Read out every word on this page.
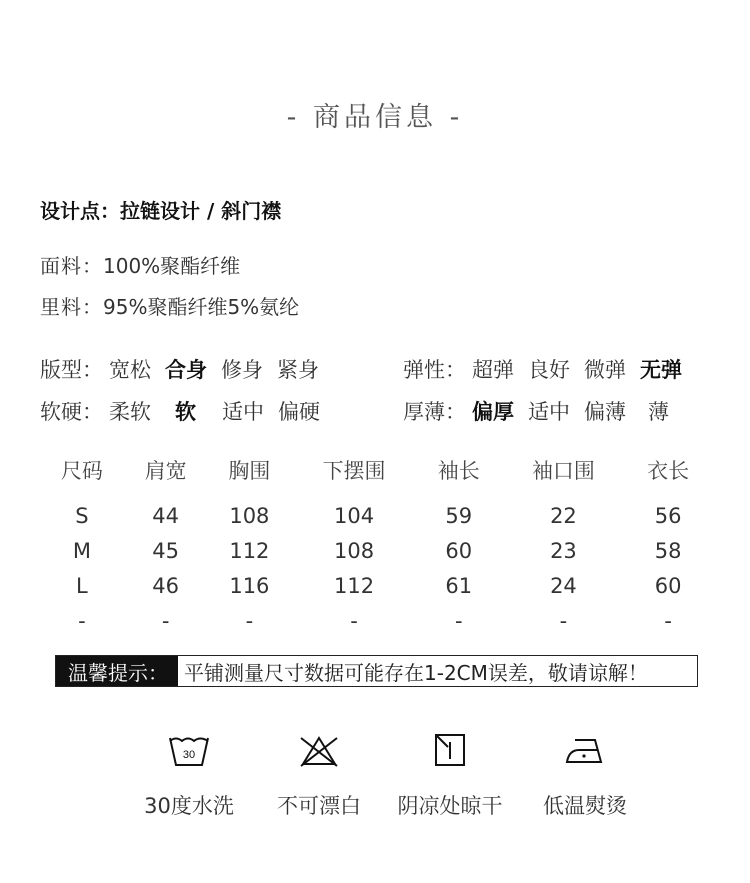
- 商品信息 -
设计点：拉链设计 / 斜门襟
面料：100%聚酯纤维
里料：95%聚酯纤维5%氨纶
版型： 宽松 合身 修身 紧身	弹性： 超弹 良好 微弹 无弹
软硬： 柔软 软 适中 偏硬	厚薄： 偏厚 适中 偏薄 薄
尺码	肩宽	胸围	下摆围	袖长	袖口围	衣长

S	44	108	104	59	22	56
M	45	112	108	60	23	58
L	46	116	112	61	24	60
-	-	-	-	-	-	-
温馨提示： 平铺测量尺寸数据可能存在1-2CM误差，敬请谅解！
30
30度水洗	不可漂白	阴凉处晾干	低温熨烫
